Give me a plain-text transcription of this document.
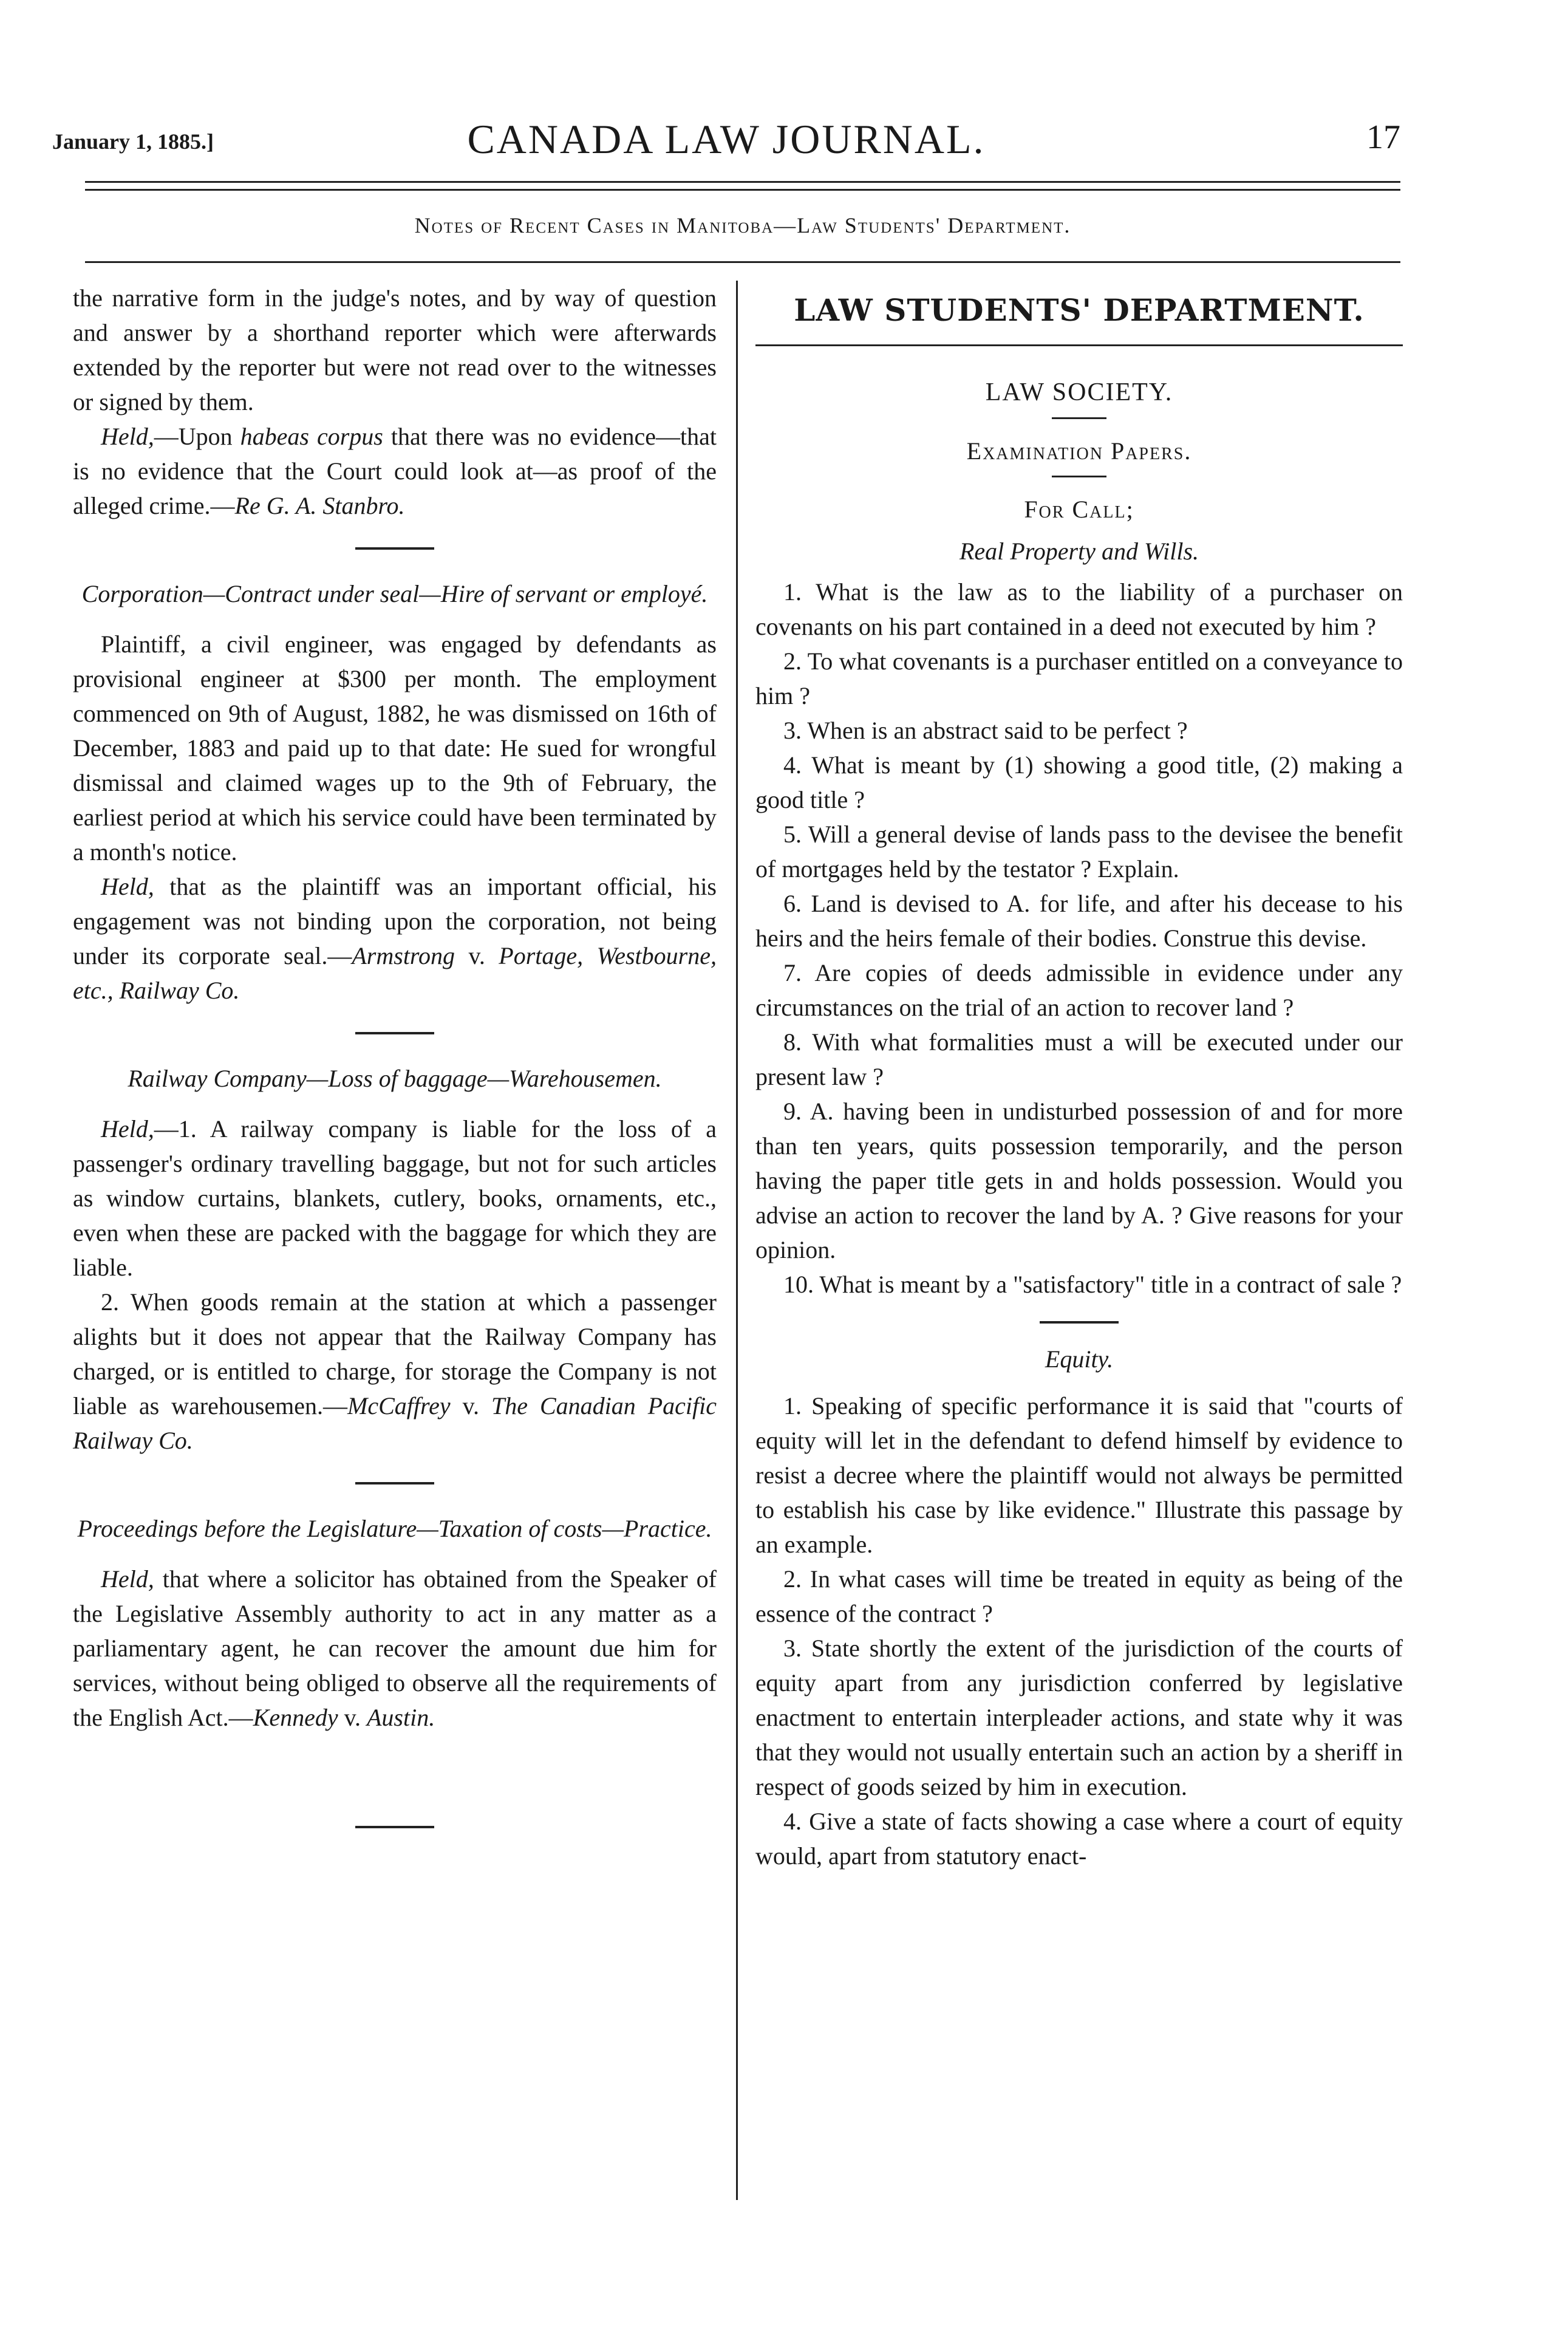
January 1, 1885.]	CANADA LAW JOURNAL.	17
Notes of Recent Cases in Manitoba—Law Students' Department.

the narrative form in the judge's notes, and by way of question and answer by a shorthand reporter which were afterwards extended by the reporter but were not read over to the witnesses or signed by them.

Held,—Upon habeas corpus that there was no evidence—that is no evidence that the Court could look at—as proof of the alleged crime.—Re G. A. Stanbro.

Corporation—Contract under seal—Hire of servant or employé.

Plaintiff, a civil engineer, was engaged by defendants as provisional engineer at $300 per month. The employment commenced on 9th of August, 1882, he was dismissed on 16th of December, 1883 and paid up to that date: He sued for wrongful dismissal and claimed wages up to the 9th of February, the earliest period at which his service could have been terminated by a month's notice.

Held, that as the plaintiff was an important official, his engagement was not binding upon the corporation, not being under its corporate seal.—Armstrong v. Portage, Westbourne, etc., Railway Co.

Railway Company—Loss of baggage—Warehousemen.

Held,—1. A railway company is liable for the loss of a passenger's ordinary travelling baggage, but not for such articles as window curtains, blankets, cutlery, books, ornaments, etc., even when these are packed with the baggage for which they are liable.

2. When goods remain at the station at which a passenger alights but it does not appear that the Railway Company has charged, or is entitled to charge, for storage the Company is not liable as warehousemen.—McCaffrey v. The Canadian Pacific Railway Co.

Proceedings before the Legislature—Taxation of costs—Practice.

Held, that where a solicitor has obtained from the Speaker of the Legislative Assembly authority to act in any matter as a parliamentary agent, he can recover the amount due him for services, without being obliged to observe all the requirements of the English Act.—Kennedy v. Austin.

LAW STUDENTS' DEPARTMENT.

LAW SOCIETY.

Examination Papers.

For Call;

Real Property and Wills.

1. What is the law as to the liability of a purchaser on covenants on his part contained in a deed not executed by him ?

2. To what covenants is a purchaser entitled on a conveyance to him ?

3. When is an abstract said to be perfect ?

4. What is meant by (1) showing a good title, (2) making a good title ?

5. Will a general devise of lands pass to the devisee the benefit of mortgages held by the testator ? Explain.

6. Land is devised to A. for life, and after his decease to his heirs and the heirs female of their bodies. Construe this devise.

7. Are copies of deeds admissible in evidence under any circumstances on the trial of an action to recover land ?

8. With what formalities must a will be executed under our present law ?

9. A. having been in undisturbed possession of and for more than ten years, quits possession temporarily, and the person having the paper title gets in and holds possession. Would you advise an action to recover the land by A. ? Give reasons for your opinion.

10. What is meant by a "satisfactory" title in a contract of sale ?

Equity.

1. Speaking of specific performance it is said that "courts of equity will let in the defendant to defend himself by evidence to resist a decree where the plaintiff would not always be permitted to establish his case by like evidence." Illustrate this passage by an example.

2. In what cases will time be treated in equity as being of the essence of the contract ?

3. State shortly the extent of the jurisdiction of the courts of equity apart from any jurisdiction conferred by legislative enactment to entertain interpleader actions, and state why it was that they would not usually entertain such an action by a sheriff in respect of goods seized by him in execution.

4. Give a state of facts showing a case where a court of equity would, apart from statutory enact-
